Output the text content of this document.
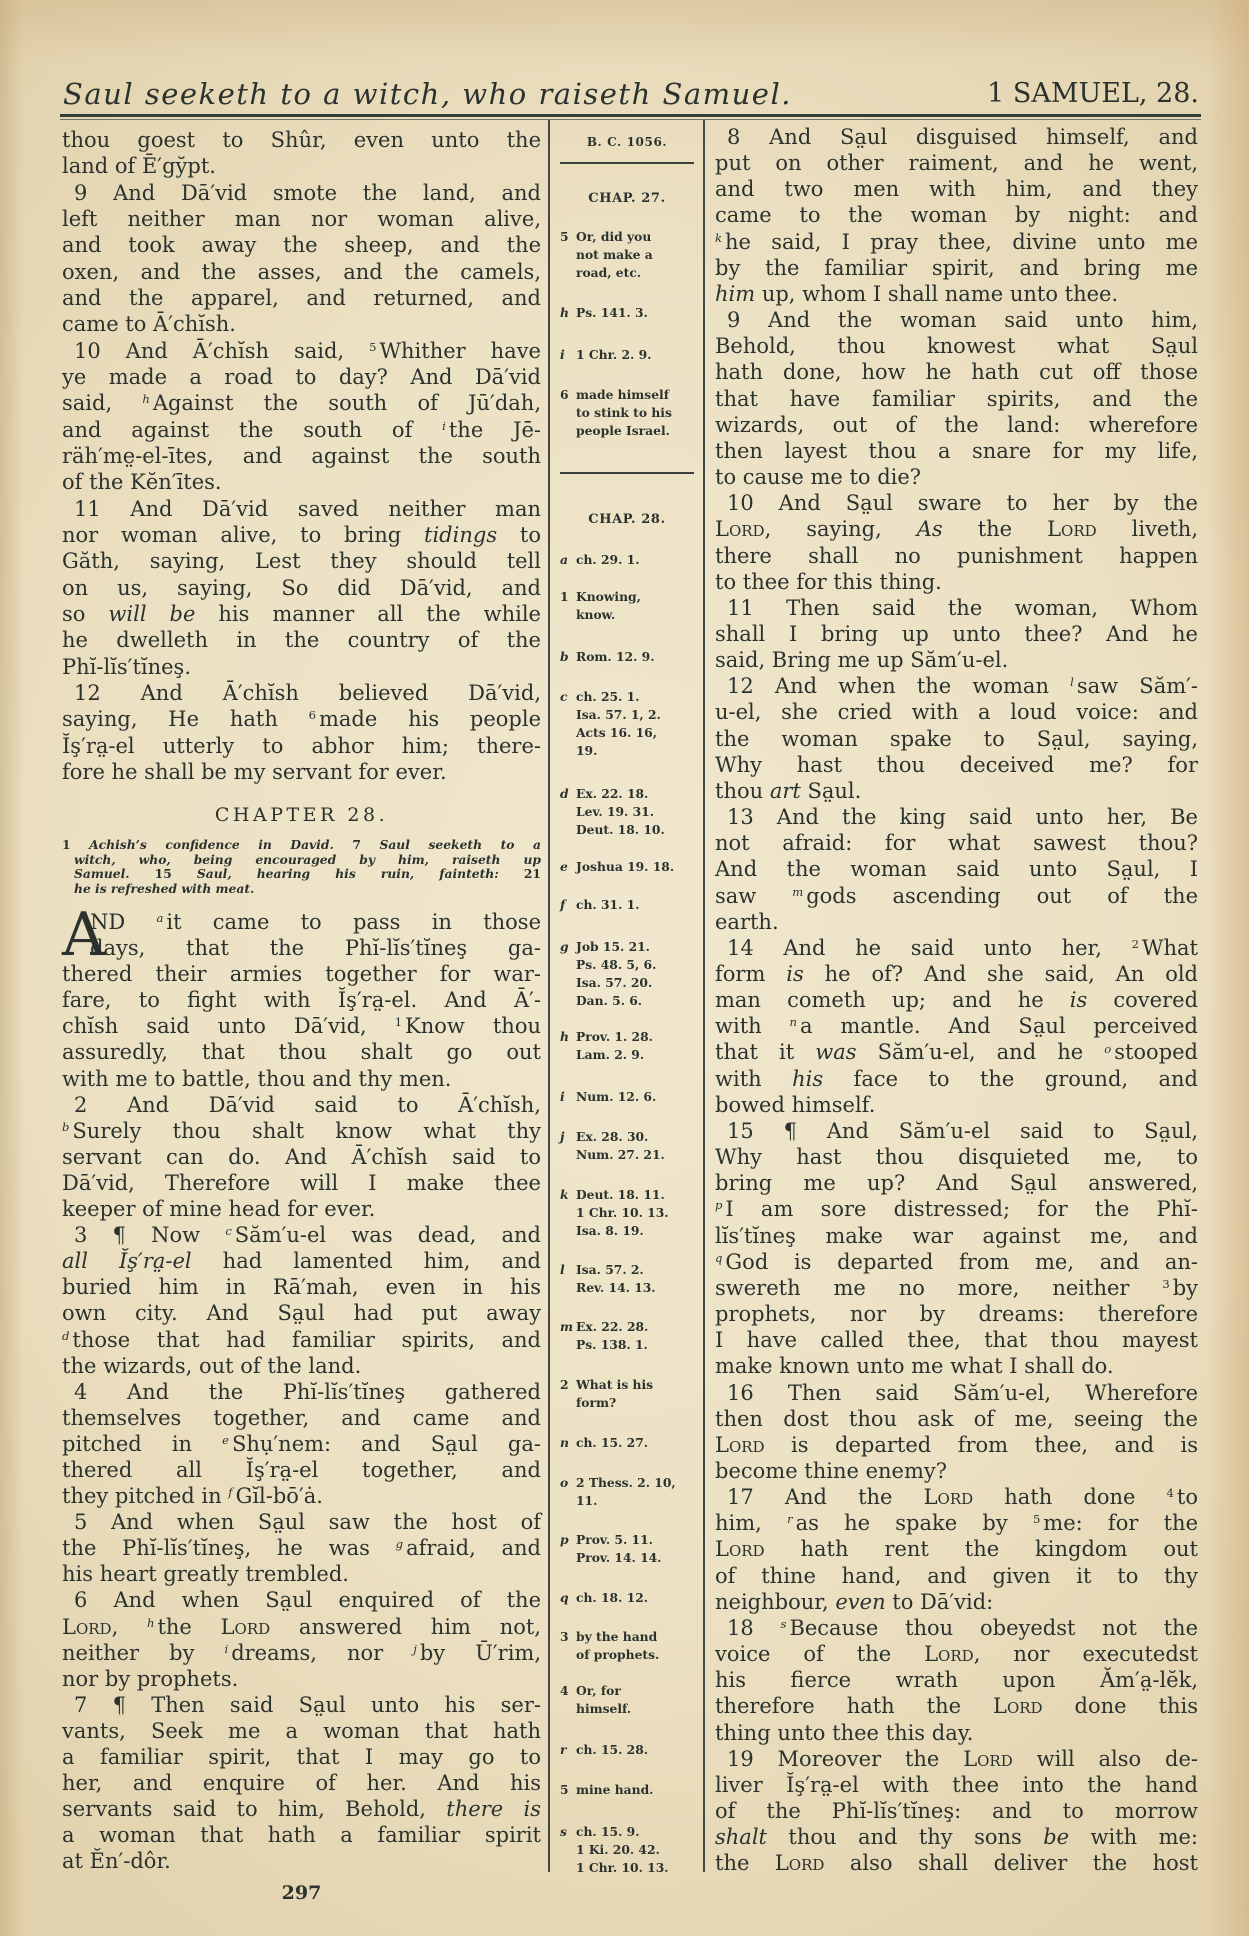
Saul seeketh to a witch, who raiseth Samuel.	1 SAMUEL, 28.
thou goest to Shûr, even unto the
land of Ē′gy̆pt.
9 And Dā′vid smote the land, and
left neither man nor woman alive,
and took away the sheep, and the
oxen, and the asses, and the camels,
and the apparel, and returned, and
came to Ā′chĭsh.
10 And Ā′chĭsh said, $^5$ Whither have
ye made a road to day? And Dā′vid
said, $^h$ Against the south of Jū′dah,
and against the south of $^i$ the Jē-
räh′me̤-el-ītes, and against the south
of the Kĕn′ītes.
11 And Dā′vid saved neither man
nor woman alive, to bring tidings to
Găth, saying, Lest they should tell
on us, saying, So did Dā′vid, and
so will be his manner all the while
he dwelleth in the country of the
Phĭ-lĭs′tĭneş.
12 And Ā′chĭsh believed Dā′vid,
saying, He hath $^6$ made his people
Ĭş′ra̤-el utterly to abhor him; there-
fore he shall be my servant for ever.
CHAPTER 28.
1 Achish’s confidence in David. 7 Saul seeketh to a
witch, who, being encouraged by him, raiseth up
Samuel. 15 Saul, hearing his ruin, fainteth: 21
he is refreshed with meat.
A
ND $^a$ it came to pass in those
days, that the Phĭ-lĭs′tĭneş ga-
thered their armies together for war-
fare, to fight with Ĭş′ra̤-el. And Ā′-
chĭsh said unto Dā′vid, $^1$ Know thou
assuredly, that thou shalt go out
with me to battle, thou and thy men.
2 And Dā′vid said to Ā′chĭsh,
$^b$ Surely thou shalt know what thy
servant can do. And Ā′chĭsh said to
Dā′vid, Therefore will I make thee
keeper of mine head for ever.
3 ¶ Now $^c$ Săm′u-el was dead, and
all Ĭş′ra̤-el had lamented him, and
buried him in Rā′mah, even in his
own city. And Sa̤ul had put away
$^d$ those that had familiar spirits, and
the wizards, out of the land.
4 And the Phĭ-lĭs′tĭneş gathered
themselves together, and came and
pitched in $^e$ Shụ′nem: and Sa̤ul ga-
thered all Ĭş′ra̤-el together, and
they pitched in $^f$ Gĭl-bō′ȧ.
5 And when Sa̤ul saw the host of
the Phĭ-lĭs′tĭneş, he was $^g$ afraid, and
his heart greatly trembled.
6 And when Sa̤ul enquired of the
Lord, $^h$ the Lord answered him not,
neither by $^i$ dreams, nor $^j$ by Ū′rim,
nor by prophets.
7 ¶ Then said Sa̤ul unto his ser-
vants, Seek me a woman that hath
a familiar spirit, that I may go to
her, and enquire of her. And his
servants said to him, Behold, there is
a woman that hath a familiar spirit
at Ĕn′-dôr.
B. C. 1056.
CHAP. 27.
5 Or, did you
not make a
road, etc.
h Ps. 141. 3.
i 1 Chr. 2. 9.
6 made himself
to stink to his
people Israel.
CHAP. 28.
a ch. 29. 1.
1 Knowing,
know.
b Rom. 12. 9.
c ch. 25. 1.
Isa. 57. 1, 2.
Acts 16. 16,
19.
d Ex. 22. 18.
Lev. 19. 31.
Deut. 18. 10.
e Joshua 19. 18.
f ch. 31. 1.
g Job 15. 21.
Ps. 48. 5, 6.
Isa. 57. 20.
Dan. 5. 6.
h Prov. 1. 28.
Lam. 2. 9.
i Num. 12. 6.
j Ex. 28. 30.
Num. 27. 21.
k Deut. 18. 11.
1 Chr. 10. 13.
Isa. 8. 19.
l Isa. 57. 2.
Rev. 14. 13.
m Ex. 22. 28.
Ps. 138. 1.
2 What is his
form?
n ch. 15. 27.
o 2 Thess. 2. 10,
11.
p Prov. 5. 11.
Prov. 14. 14.
q ch. 18. 12.
3 by the hand
of prophets.
4 Or, for
himself.
r ch. 15. 28.
5 mine hand.
s ch. 15. 9.
1 Ki. 20. 42.
1 Chr. 10. 13.
8 And Sa̤ul disguised himself, and
put on other raiment, and he went,
and two men with him, and they
came to the woman by night: and
$^k$ he said, I pray thee, divine unto me
by the familiar spirit, and bring me
him up, whom I shall name unto thee.
9 And the woman said unto him,
Behold, thou knowest what Sa̤ul
hath done, how he hath cut off those
that have familiar spirits, and the
wizards, out of the land: wherefore
then layest thou a snare for my life,
to cause me to die?
10 And Sa̤ul sware to her by the
Lord, saying, As the Lord liveth,
there shall no punishment happen
to thee for this thing.
11 Then said the woman, Whom
shall I bring up unto thee? And he
said, Bring me up Săm′u-el.
12 And when the woman $^l$ saw Săm′-
u-el, she cried with a loud voice: and
the woman spake to Sa̤ul, saying,
Why hast thou deceived me? for
thou art Sa̤ul.
13 And the king said unto her, Be
not afraid: for what sawest thou?
And the woman said unto Sa̤ul, I
saw $^m$ gods ascending out of the
earth.
14 And he said unto her, $^2$ What
form is he of? And she said, An old
man cometh up; and he is covered
with $^n$ a mantle. And Sa̤ul perceived
that it was Săm′u-el, and he $^o$ stooped
with his face to the ground, and
bowed himself.
15 ¶ And Săm′u-el said to Sa̤ul,
Why hast thou disquieted me, to
bring me up? And Sa̤ul answered,
$^p$ I am sore distressed; for the Phĭ-
lĭs′tĭneş make war against me, and
$^q$ God is departed from me, and an-
swereth me no more, neither $^3$ by
prophets, nor by dreams: therefore
I have called thee, that thou mayest
make known unto me what I shall do.
16 Then said Săm′u-el, Wherefore
then dost thou ask of me, seeing the
Lord is departed from thee, and is
become thine enemy?
17 And the Lord hath done $^4$ to
him, $^r$ as he spake by $^5$ me: for the
Lord hath rent the kingdom out
of thine hand, and given it to thy
neighbour, even to Dā′vid:
18 $^s$ Because thou obeyedst not the
voice of the Lord, nor executedst
his fierce wrath upon Ăm′a̤-lĕk,
therefore hath the Lord done this
thing unto thee this day.
19 Moreover the Lord will also de-
liver Ĭş′ra̤-el with thee into the hand
of the Phĭ-lĭs′tĭneş: and to morrow
shalt thou and thy sons be with me:
the Lord also shall deliver the host
297
